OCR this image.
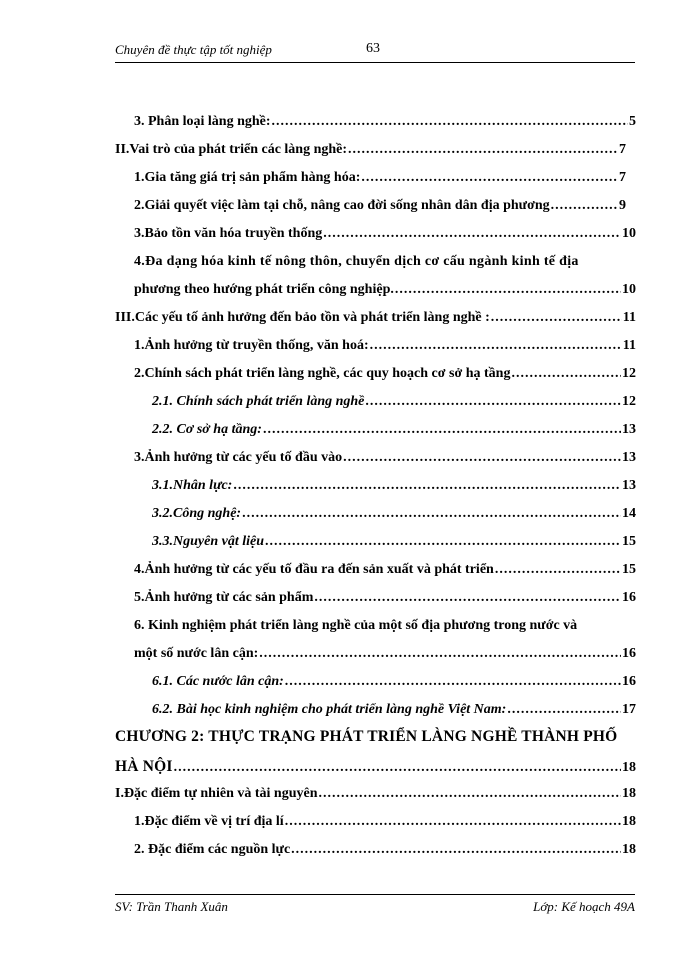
Chuyên đề thực tập tốt nghiệp	63
3. Phân loại làng nghề: .....	5
II.Vai trò của phát triển các làng nghề: .....	7
1.Gia tăng giá trị sản phẩm hàng hóa: .....	7
2.Giải quyết việc làm tại chỗ, nâng cao đời sống nhân dân địa phương .....	9
3.Bảo tồn văn hóa truyền thống .....	10
4.Đa dạng hóa kinh tế nông thôn, chuyển dịch cơ cấu ngành kinh tế địa
phương theo hướng phát triển công nghiệp. .....	10
III.Các yếu tố ảnh hưởng đến bảo tồn và phát triển làng nghề : .....	11
1.Ảnh hưởng từ truyền thống, văn hoá: .....	11
2.Chính sách phát triển làng nghề, các quy hoạch cơ sở hạ tầng .....	12
2.1. Chính sách phát triển làng nghề .....	12
2.2. Cơ sở hạ tầng: .....	13
3.Ảnh hưởng từ các yếu tố đầu vào .....	13
3.1.Nhân lực: .....	13
3.2.Công nghệ: .....	14
3.3.Nguyên vật liệu .....	15
4.Ảnh hưởng từ các yếu tố đầu ra đến sản xuất và phát triển .....	15
5.Ảnh hưởng từ các sản phẩm .....	16
6. Kinh nghiệm phát triển làng nghề của một số địa phương trong nước và
một số nước lân cận: .....	16
6.1. Các nước lân cận: .....	16
6.2. Bài học kinh nghiệm cho phát triển làng nghề Việt Nam: .....	17
CHƯƠNG 2: THỰC TRẠNG PHÁT TRIỂN LÀNG NGHỀ THÀNH PHỐ
HÀ NỘI .....	18
I.Đặc điểm tự nhiên và tài nguyên .....	18
1.Đặc điểm về vị trí địa lí .....	18
2. Đặc điểm các nguồn lực .....	18
SV: Trần Thanh Xuân	Lớp: Kế hoạch 49A
